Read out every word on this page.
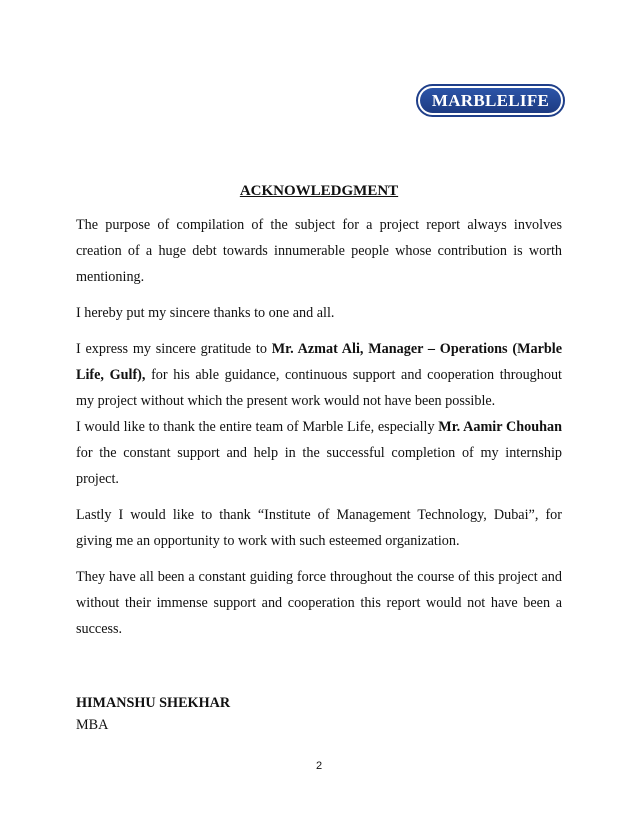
MARBLELIFE
ACKNOWLEDGMENT

The purpose of compilation of the subject for a project report always involves creation of a huge debt towards innumerable people whose contribution is worth mentioning.

I hereby put my sincere thanks to one and all.

I express my sincere gratitude to Mr. Azmat Ali, Manager – Operations (Marble Life, Gulf), for his able guidance, continuous support and cooperation throughout my project without which the present work would not have been possible.

I would like to thank the entire team of Marble Life, especially Mr. Aamir Chouhan for the constant support and help in the successful completion of my internship project.

Lastly I would like to thank “Institute of Management Technology, Dubai”, for giving me an opportunity to work with such esteemed organization.

They have all been a constant guiding force throughout the course of this project and without their immense support and cooperation this report would not have been a success.

HIMANSHU SHEKHAR
MBA
2
